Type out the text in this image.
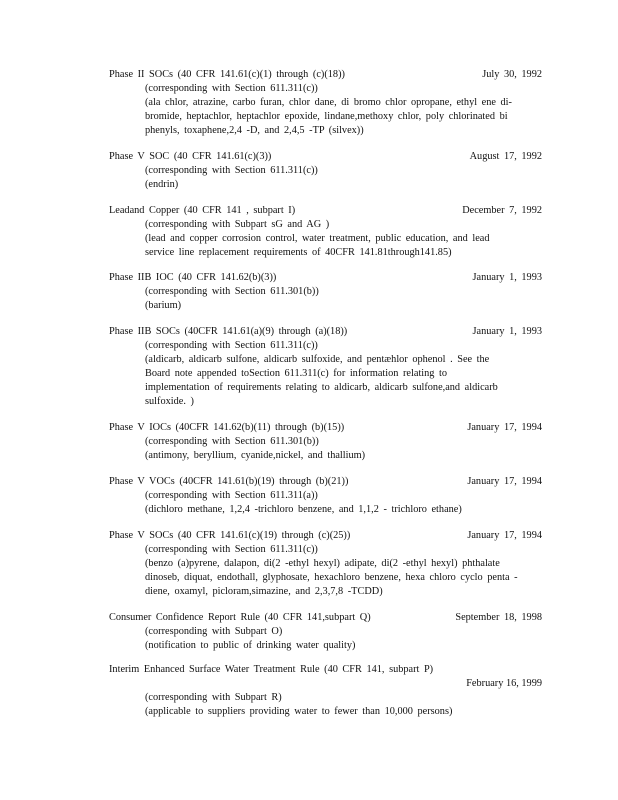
Phase II SOCs (40 CFR 141.61(c)(1) through (c)(18))	July 30, 1992
(corresponding with Section 611.311(c))
(ala chlor, atrazine, carbo furan, chlor dane, di bromo chlor opropane, ethyl ene di-
bromide, heptachlor, heptachlor epoxide, lindane,methoxy chlor, poly chlorinated bi
phenyls, toxaphene,2,4 -D, and 2,4,5 -TP (silvex))
Phase V SOC (40 CFR 141.61(c)(3))	August 17, 1992
(corresponding with Section 611.311(c))
(endrin)
Leadand Copper (40 CFR 141 , subpart I)	December 7, 1992
(corresponding with Subpart sG and AG )
(lead and copper corrosion control, water treatment, public education, and lead
service line replacement requirements of 40CFR 141.81through141.85)
Phase IIB IOC (40 CFR 141.62(b)(3))	January 1, 1993
(corresponding with Section 611.301(b))
(barium)
Phase IIB SOCs (40CFR 141.61(a)(9) through (a)(18))	January 1, 1993
(corresponding with Section 611.311(c))
(aldicarb, aldicarb sulfone, aldicarb sulfoxide, and pentæhlor ophenol . See the
Board note appended toSection 611.311(c) for information relating to
implementation of requirements relating to aldicarb, aldicarb sulfone,and aldicarb
sulfoxide. )
Phase V IOCs (40CFR 141.62(b)(11) through (b)(15))	January 17, 1994
(corresponding with Section 611.301(b))
(antimony, beryllium, cyanide,nickel, and thallium)
Phase V VOCs (40CFR 141.61(b)(19) through (b)(21))	January 17, 1994
(corresponding with Section 611.311(a))
(dichloro methane, 1,2,4 -trichloro benzene, and 1,1,2 - trichloro ethane)
Phase V SOCs (40 CFR 141.61(c)(19) through (c)(25))	January 17, 1994
(corresponding with Section 611.311(c))
(benzo (a)pyrene, dalapon, di(2 -ethyl hexyl) adipate, di(2 -ethyl hexyl) phthalate
dinoseb, diquat, endothall, glyphosate, hexachloro benzene, hexa chloro cyclo penta -
diene, oxamyl, picloram,simazine, and 2,3,7,8 -TCDD)
Consumer Confidence Report Rule (40 CFR 141,subpart Q)	September 18, 1998
(corresponding with Subpart O)
(notification to public of drinking water quality)
Interim Enhanced Surface Water Treatment Rule (40 CFR 141, subpart P)
February 16, 1999
(corresponding with Subpart R)
(applicable to suppliers providing water to fewer than 10,000 persons)
